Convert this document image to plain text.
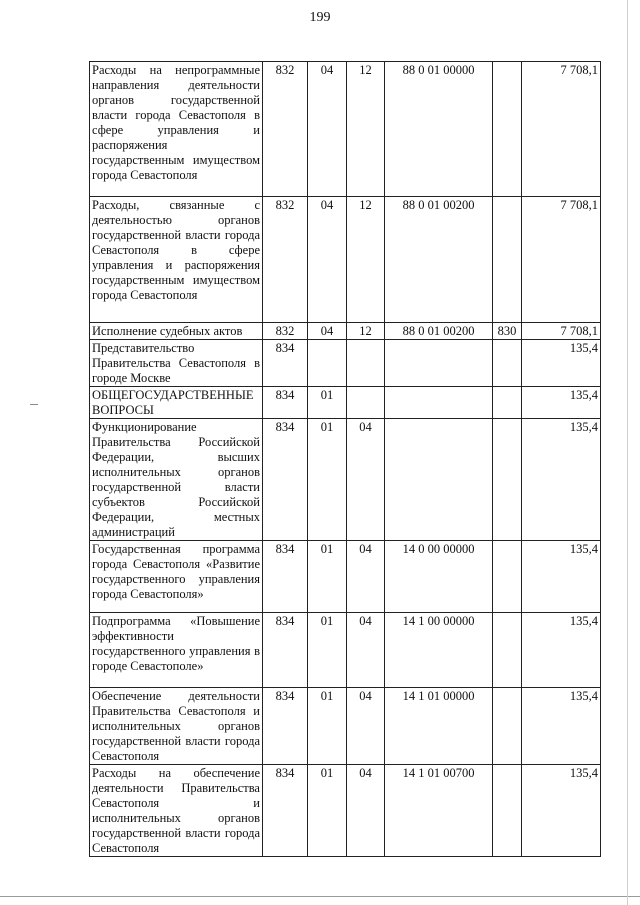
199
Расходы на непрограммные направления деятельности органов государственной власти города Севастополя в сфере управления и распоряжения государственным имуществом города Севастополя	832	04	12	88 0 01 00000		7 708,1
Расходы, связанные с деятельностью органов государственной власти города Севастополя в сфере управления и распоряжения государственным имуществом города Севастополя	832	04	12	88 0 01 00200		7 708,1
Исполнение судебных актов	832	04	12	88 0 01 00200	830	7 708,1
Представительство Правительства Севастополя в городе Москве	834					135,4
ОБЩЕГОСУДАРСТВЕННЫЕ ВОПРОСЫ	834	01				135,4
Функционирование Правительства Российской Федерации, высших исполнительных органов государственной власти субъектов Российской Федерации, местных администраций	834	01	04			135,4
Государственная программа города Севастополя «Развитие государственного управления города Севастополя»	834	01	04	14 0 00 00000		135,4
Подпрограмма «Повышение эффективности государственного управления в городе Севастополе»	834	01	04	14 1 00 00000		135,4
Обеспечение деятельности Правительства Севастополя и исполнительных органов государственной власти города Севастополя	834	01	04	14 1 01 00000		135,4
Расходы на обеспечение деятельности Правительства Севастополя и исполнительных органов государственной власти города Севастополя	834	01	04	14 1 01 00700		135,4
